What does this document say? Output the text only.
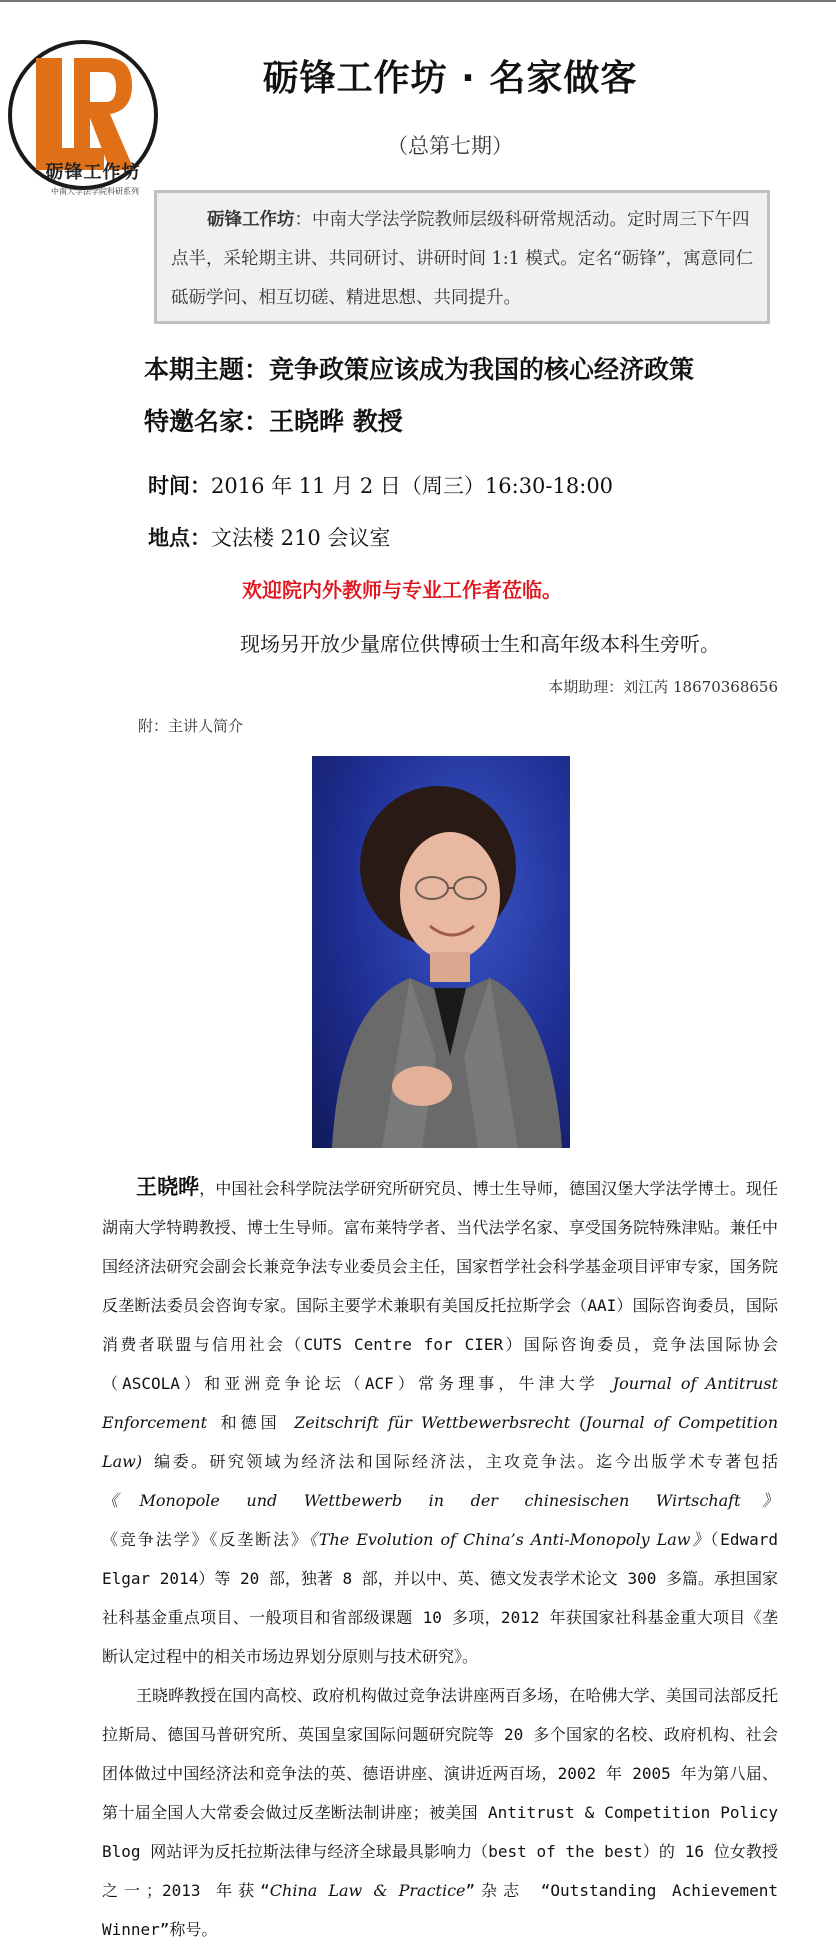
砺锋工作坊
中南大学法学院科研系列
砺锋工作坊 · 名家做客
（总第七期）
砺锋工作坊：中南大学法学院教师层级科研常规活动。定时周三下午四点半，采轮期主讲、共同研讨、讲研时间 1:1 模式。定名“砺锋”，寓意同仁砥砺学问、相互切磋、精进思想、共同提升。
本期主题：竞争政策应该成为我国的核心经济政策
特邀名家：王晓晔 教授
时间：2016 年 11 月 2 日（周三）16:30-18:00
地点：文法楼 210 会议室
欢迎院内外教师与专业工作者莅临。
现场另开放少量席位供博硕士生和高年级本科生旁听。
本期助理：刘江芮 18670368656
附：主讲人简介

王晓晔，中国社会科学院法学研究所研究员、博士生导师，德国汉堡大学法学博士。现任湖南大学特聘教授、博士生导师。富布莱特学者、当代法学名家、享受国务院特殊津贴。兼任中国经济法研究会副会长兼竞争法专业委员会主任，国家哲学社会科学基金项目评审专家，国务院反垄断法委员会咨询专家。国际主要学术兼职有美国反托拉斯学会（AAI）国际咨询委员，国际消费者联盟与信用社会（CUTS Centre for CIER）国际咨询委员，竞争法国际协会（ASCOLA）和亚洲竞争论坛（ACF）常务理事，牛津大学 Journal of Antitrust Enforcement 和德国 Zeitschrift für Wettbewerbsrecht (Journal of Competition Law) 编委。研究领域为经济法和国际经济法，主攻竞争法。迄今出版学术专著包括《Monopole und Wettbewerb in der chinesischen Wirtschaft》《竞争法学》《反垄断法》《The Evolution of China’s Anti-Monopoly Law》（Edward Elgar 2014）等 20 部，独著 8 部，并以中、英、德文发表学术论文 300 多篇。承担国家社科基金重点项目、一般项目和省部级课题 10 多项，2012 年获国家社科基金重大项目《垄断认定过程中的相关市场边界划分原则与技术研究》。

王晓晔教授在国内高校、政府机构做过竞争法讲座两百多场，在哈佛大学、美国司法部反托拉斯局、德国马普研究所、英国皇家国际问题研究院等 20 多个国家的名校、政府机构、社会团体做过中国经济法和竞争法的英、德语讲座、演讲近两百场，2002 年 2005 年为第八届、第十届全国人大常委会做过反垄断法制讲座；被美国 Antitrust & Competition Policy Blog 网站评为反托拉斯法律与经济全球最具影响力（best of the best）的 16 位女教授之一；2013 年获“China Law & Practice”杂志 “Outstanding Achievement Winner”称号。
